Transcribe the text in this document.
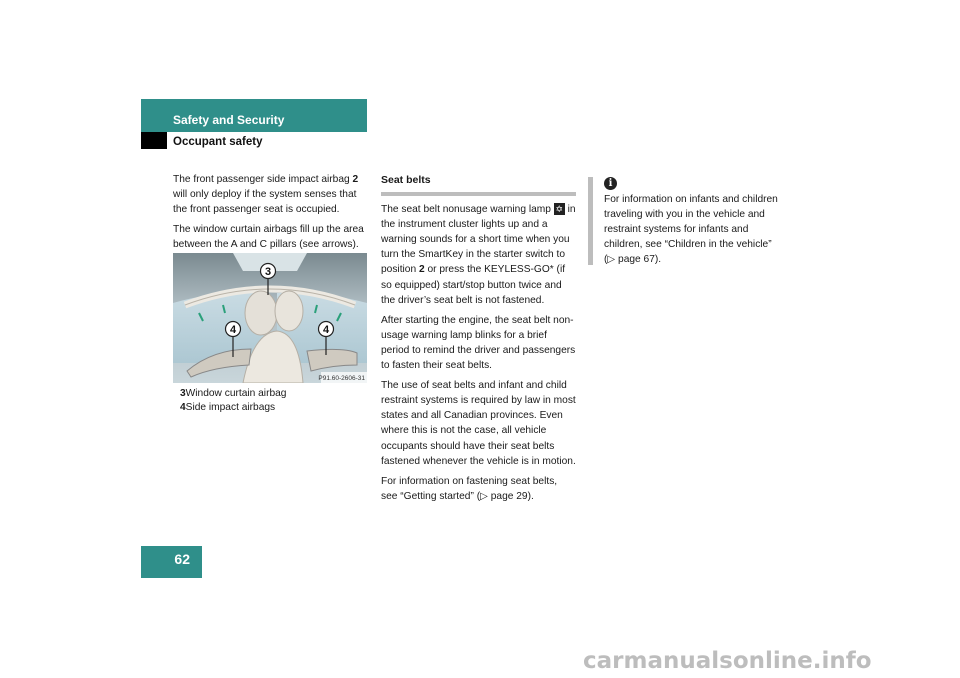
Safety and Security
Occupant safety

The front passenger side impact airbag 2 will only deploy if the system senses that the front passenger seat is occupied.

The window curtain airbags fill up the area between the A and C pillars (see arrows).

3
4	4
P91.60-2606-31
3Window curtain airbag
4Side impact airbags
Seat belts

The seat belt nonusage warning lamp ✡ in the instrument cluster lights up and a warning sounds for a short time when you turn the SmartKey in the starter switch to position 2 or press the KEYLESS-GO* (if so equipped) start/stop button twice and the driver’s seat belt is not fastened.

After starting the engine, the seat belt non-usage warning lamp blinks for a brief period to remind the driver and passengers to fasten their seat belts.

The use of seat belts and infant and child restraint systems is required by law in most states and all Canadian provinces. Even where this is not the case, all vehicle occupants should have their seat belts fastened whenever the vehicle is in motion.

For information on fastening seat belts, see “Getting started” (▷ page 29).

i
For information on infants and children traveling with you in the vehicle and restraint systems for infants and children, see “Children in the vehicle” (▷ page 67).
62
carmanualsonline.info
